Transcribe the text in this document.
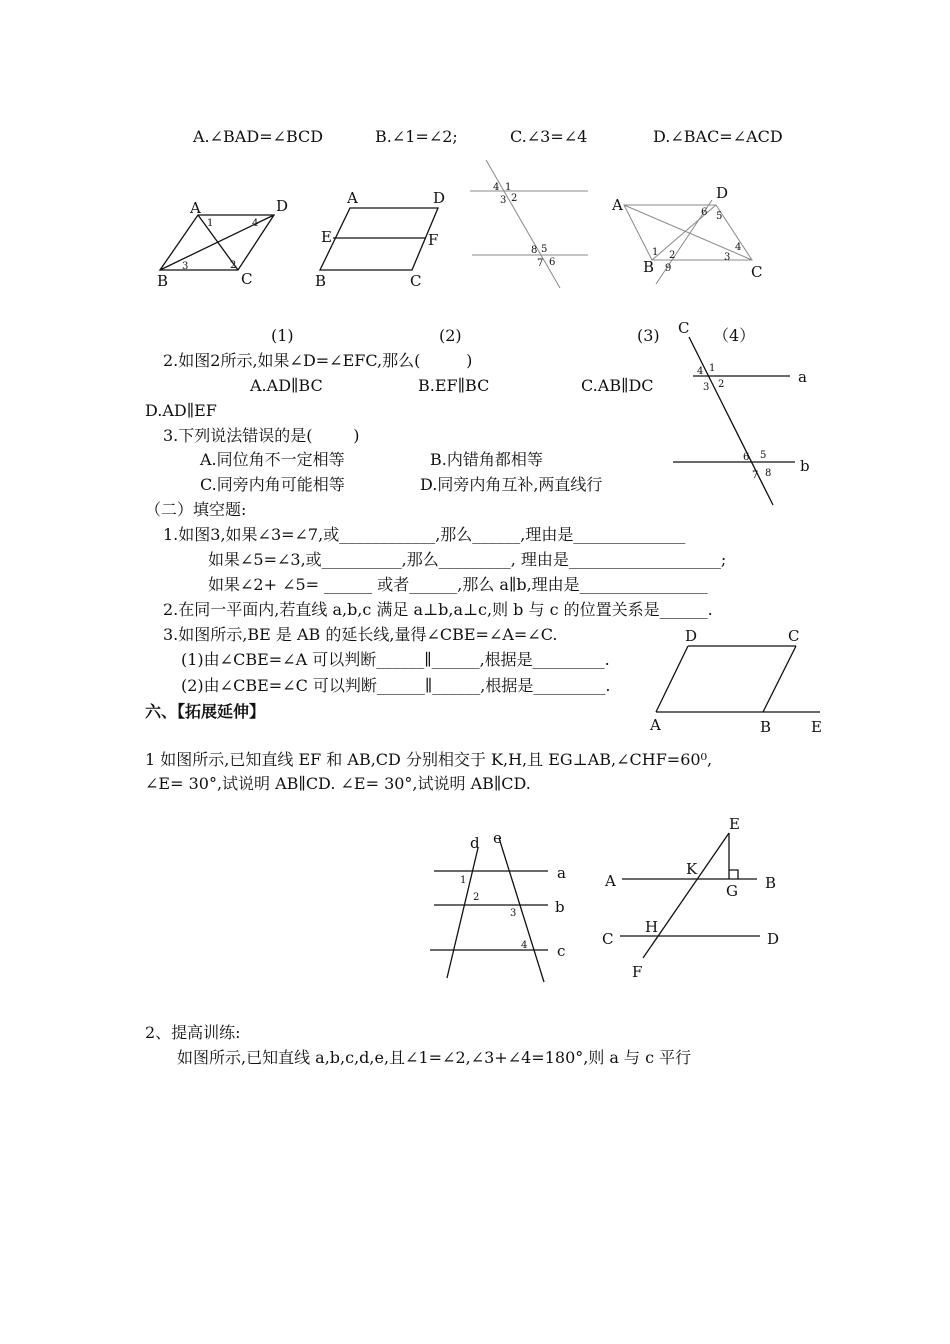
A.∠BAD=∠BCD	B.∠1=∠2;	C.∠3=∠4	D.∠BAC=∠ACD
A	D
B	C
1	4
3	2
A	D
E	F
B	C
4 1
3 2
8 5
7 6
A
D
B	C
6 5
1 2	3
4
9
(1)	(2)	(3)	（4）
C
a
b
4 1
3 2
6 5
7 8
2.如图2所示,如果∠D=∠EFC,那么(         )
A.AD∥BC	B.EF∥BC	C.AB∥DC
D.AD∥EF
3.下列说法错误的是(        )
A.同位角不一定相等	B.内错角都相等
C.同旁内角可能相等	D.同旁内角互补,两直线行
（二）填空题:
1.如图3,如果∠3=∠7,或____________,那么______,理由是______________
如果∠5=∠3,或__________,那么_________, 理由是___________________;
如果∠2+ ∠5= ______ 或者______,那么 a∥b,理由是________________
2.在同一平面内,若直线 a,b,c 满足 a⊥b,a⊥c,则 b 与 c 的位置关系是______.
3.如图所示,BE 是 AB 的延长线,量得∠CBE=∠A=∠C.
(1)由∠CBE=∠A 可以判断______∥______,根据是_________.
(2)由∠CBE=∠C 可以判断______∥______,根据是_________.
D	C
A	B	E
六、【拓展延伸】
1 如图所示,已知直线 EF 和 AB,CD 分别相交于 K,H,且 EG⊥AB,∠CHF=60⁰,
∠E= 30°,试说明 AB∥CD. ∠E= 30°,试说明 AB∥CD.
d e
a
b
c
1
2
3
4
E
A
K
G B
C
H
D
F
2、提高训练:
如图所示,已知直线 a,b,c,d,e,且∠1=∠2,∠3+∠4=180°,则 a 与 c 平行
